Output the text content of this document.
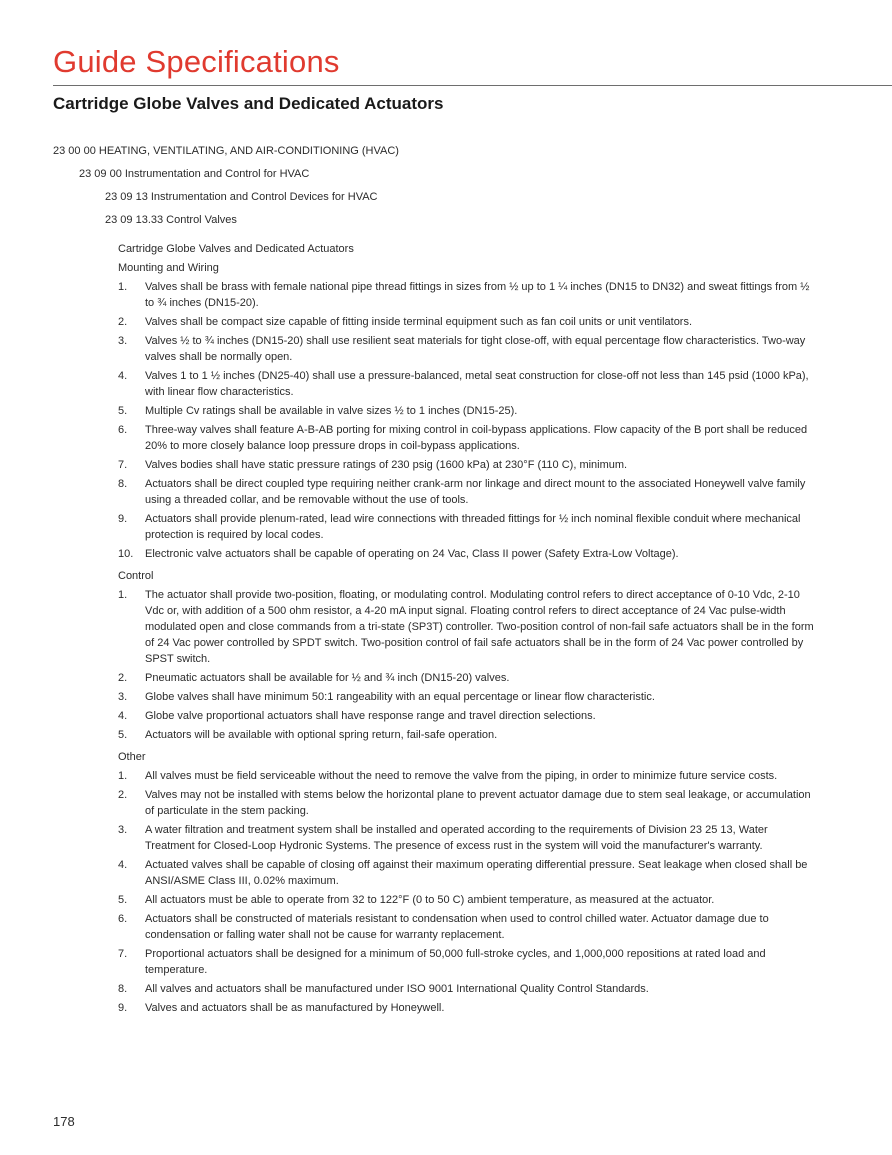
Guide Specifications
Cartridge Globe Valves and Dedicated Actuators

23 00 00 HEATING, VENTILATING, AND AIR-CONDITIONING (HVAC)

23 09 00 Instrumentation and Control for HVAC

23 09 13 Instrumentation and Control Devices for HVAC

23 09 13.33 Control Valves

Cartridge Globe Valves and Dedicated Actuators

Mounting and Wiring

1. Valves shall be brass with female national pipe thread fittings in sizes from ½ up to 1 ¼ inches (DN15 to DN32) and sweat fittings from ½ to ¾ inches (DN15-20).
2. Valves shall be compact size capable of fitting inside terminal equipment such as fan coil units or unit ventilators.
3. Valves ½ to ¾ inches (DN15-20) shall use resilient seat materials for tight close-off, with equal percentage flow characteristics. Two-way valves shall be normally open.
4. Valves 1 to 1 ½ inches (DN25-40) shall use a pressure-balanced, metal seat construction for close-off not less than 145 psid (1000 kPa), with linear flow characteristics.
5. Multiple Cv ratings shall be available in valve sizes ½ to 1 inches (DN15-25).
6. Three-way valves shall feature A-B-AB porting for mixing control in coil-bypass applications. Flow capacity of the B port shall be reduced 20% to more closely balance loop pressure drops in coil-bypass applications.
7. Valves bodies shall have static pressure ratings of 230 psig (1600 kPa) at 230°F (110 C), minimum.
8. Actuators shall be direct coupled type requiring neither crank-arm nor linkage and direct mount to the associated Honeywell valve family using a threaded collar, and be removable without the use of tools.
9. Actuators shall provide plenum-rated, lead wire connections with threaded fittings for ½ inch nominal flexible conduit where mechanical protection is required by local codes.
10. Electronic valve actuators shall be capable of operating on 24 Vac, Class II power (Safety Extra-Low Voltage).

Control

1. The actuator shall provide two-position, floating, or modulating control. Modulating control refers to direct acceptance of 0-10 Vdc, 2-10 Vdc or, with addition of a 500 ohm resistor, a 4-20 mA input signal. Floating control refers to direct acceptance of 24 Vac pulse-width modulated open and close commands from a tri-state (SP3T) controller. Two-position control of non-fail safe actuators shall be in the form of 24 Vac power controlled by SPDT switch. Two-position control of fail safe actuators shall be in the form of 24 Vac power controlled by SPST switch.
2. Pneumatic actuators shall be available for ½ and ¾ inch (DN15-20) valves.
3. Globe valves shall have minimum 50:1 rangeability with an equal percentage or linear flow characteristic.
4. Globe valve proportional actuators shall have response range and travel direction selections.
5. Actuators will be available with optional spring return, fail-safe operation.

Other

1. All valves must be field serviceable without the need to remove the valve from the piping, in order to minimize future service costs.
2. Valves may not be installed with stems below the horizontal plane to prevent actuator damage due to stem seal leakage, or accumulation of particulate in the stem packing.
3. A water filtration and treatment system shall be installed and operated according to the requirements of Division 23 25 13, Water Treatment for Closed-Loop Hydronic Systems. The presence of excess rust in the system will void the manufacturer's warranty.
4. Actuated valves shall be capable of closing off against their maximum operating differential pressure. Seat leakage when closed shall be ANSI/ASME Class III, 0.02% maximum.
5. All actuators must be able to operate from 32 to 122°F (0 to 50 C) ambient temperature, as measured at the actuator.
6. Actuators shall be constructed of materials resistant to condensation when used to control chilled water. Actuator damage due to condensation or falling water shall not be cause for warranty replacement.
7. Proportional actuators shall be designed for a minimum of 50,000 full-stroke cycles, and 1,000,000 repositions at rated load and temperature.
8. All valves and actuators shall be manufactured under ISO 9001 International Quality Control Standards.
9. Valves and actuators shall be as manufactured by Honeywell.
178
